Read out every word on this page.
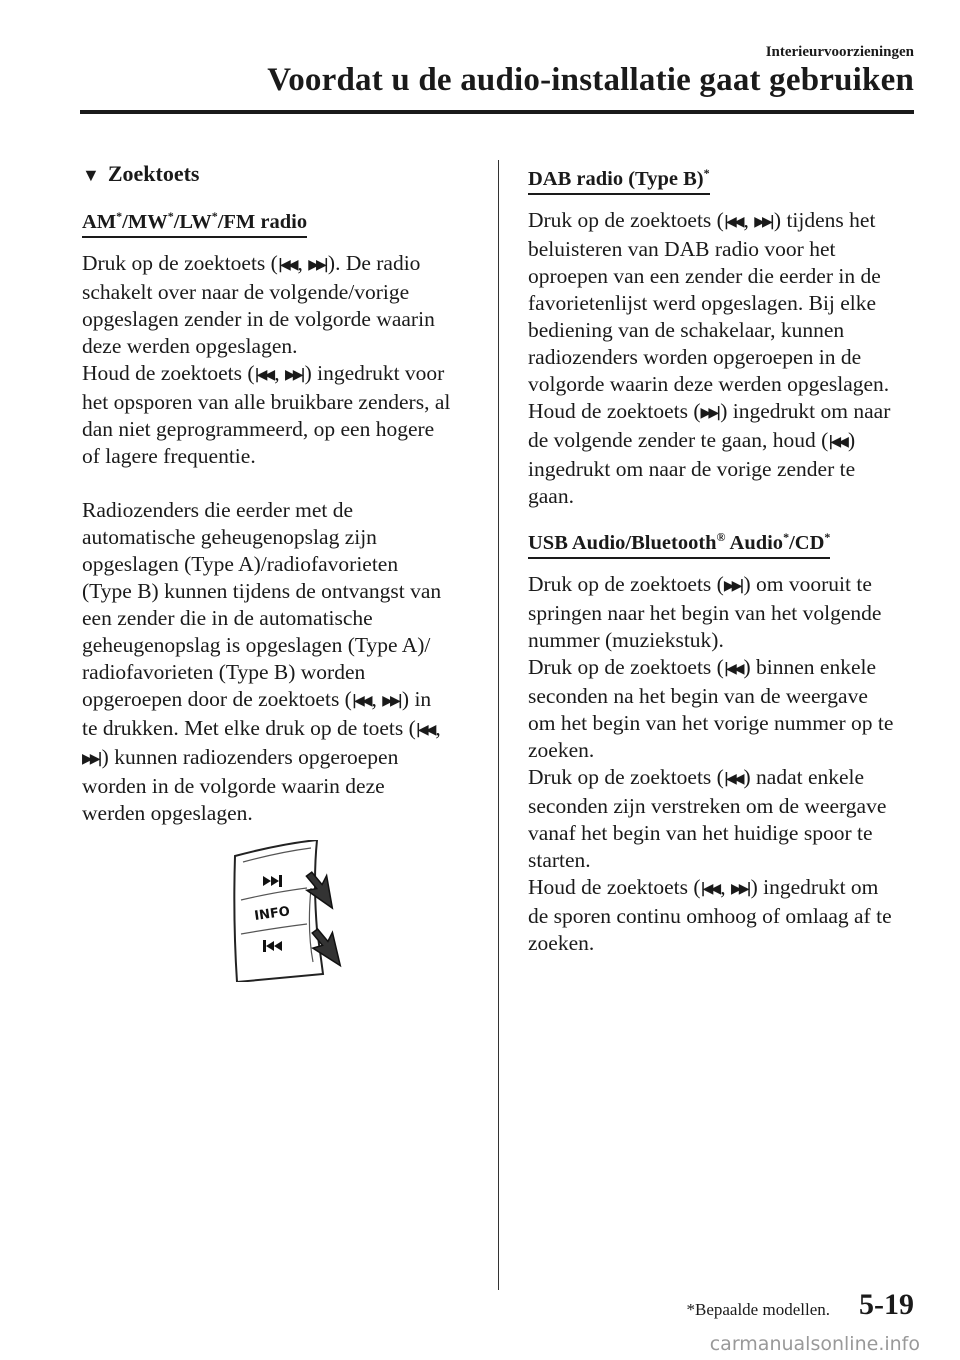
Interieurvoorzieningen
Voordat u de audio-installatie gaat gebruiken
▼ Zoektoets
AM*/MW*/LW*/FM radio
Druk op de zoektoets (|◀◀, ▶▶|). De radio
schakelt over naar de volgende/vorige
opgeslagen zender in de volgorde waarin
deze werden opgeslagen.
Houd de zoektoets (|◀◀, ▶▶|) ingedrukt voor
het opsporen van alle bruikbare zenders, al
dan niet geprogrammeerd, op een hogere
of lagere frequentie.
Radiozenders die eerder met de
automatische geheugenopslag zijn
opgeslagen (Type A)/radiofavorieten
(Type B) kunnen tijdens de ontvangst van
een zender die in de automatische
geheugenopslag is opgeslagen (Type A)/
radiofavorieten (Type B) worden
opgeroepen door de zoektoets (|◀◀, ▶▶|) in
te drukken. Met elke druk op de toets (|◀◀,
▶▶|) kunnen radiozenders opgeroepen
worden in de volgorde waarin deze
werden opgeslagen.
INFO
DAB radio (Type B)*
Druk op de zoektoets (|◀◀, ▶▶|) tijdens het
beluisteren van DAB radio voor het
oproepen van een zender die eerder in de
favorietenlijst werd opgeslagen. Bij elke
bediening van de schakelaar, kunnen
radiozenders worden opgeroepen in de
volgorde waarin deze werden opgeslagen.
Houd de zoektoets (▶▶|) ingedrukt om naar
de volgende zender te gaan, houd (|◀◀)
ingedrukt om naar de vorige zender te
gaan.
USB Audio/Bluetooth® Audio*/CD*
Druk op de zoektoets (▶▶|) om vooruit te
springen naar het begin van het volgende
nummer (muziekstuk).
Druk op de zoektoets (|◀◀) binnen enkele
seconden na het begin van de weergave
om het begin van het vorige nummer op te
zoeken.
Druk op de zoektoets (|◀◀) nadat enkele
seconden zijn verstreken om de weergave
vanaf het begin van het huidige spoor te
starten.
Houd de zoektoets (|◀◀, ▶▶|) ingedrukt om
de sporen continu omhoog of omlaag af te
zoeken.
*Bepaalde modellen. 5-19
carmanualsonline.info
